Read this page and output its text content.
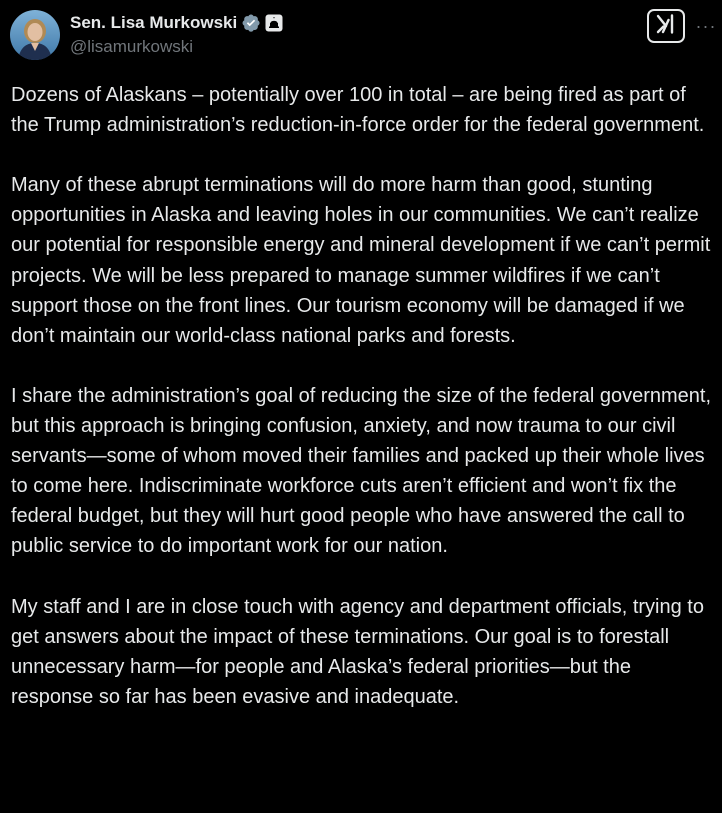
Sen. Lisa Murkowski
@lisamurkowski
···

Dozens of Alaskans – potentially over 100 in total – are being fired as part of the Trump administration’s reduction-in-force order for the federal government.

Many of these abrupt terminations will do more harm than good, stunting opportunities in Alaska and leaving holes in our communities. We can’t realize our potential for responsible energy and mineral development if we can’t permit projects. We will be less prepared to manage summer wildfires if we can’t support those on the front lines. Our tourism economy will be damaged if we don’t maintain our world-class national parks and forests.

I share the administration’s goal of reducing the size of the federal government, but this approach is bringing confusion, anxiety, and now trauma to our civil servants—some of whom moved their families and packed up their whole lives to come here. Indiscriminate workforce cuts aren’t efficient and won’t fix the federal budget, but they will hurt good people who have answered the call to public service to do important work for our nation.

My staff and I are in close touch with agency and department officials, trying to get answers about the impact of these terminations. Our goal is to forestall unnecessary harm—for people and Alaska’s federal priorities—but the response so far has been evasive and inadequate.
